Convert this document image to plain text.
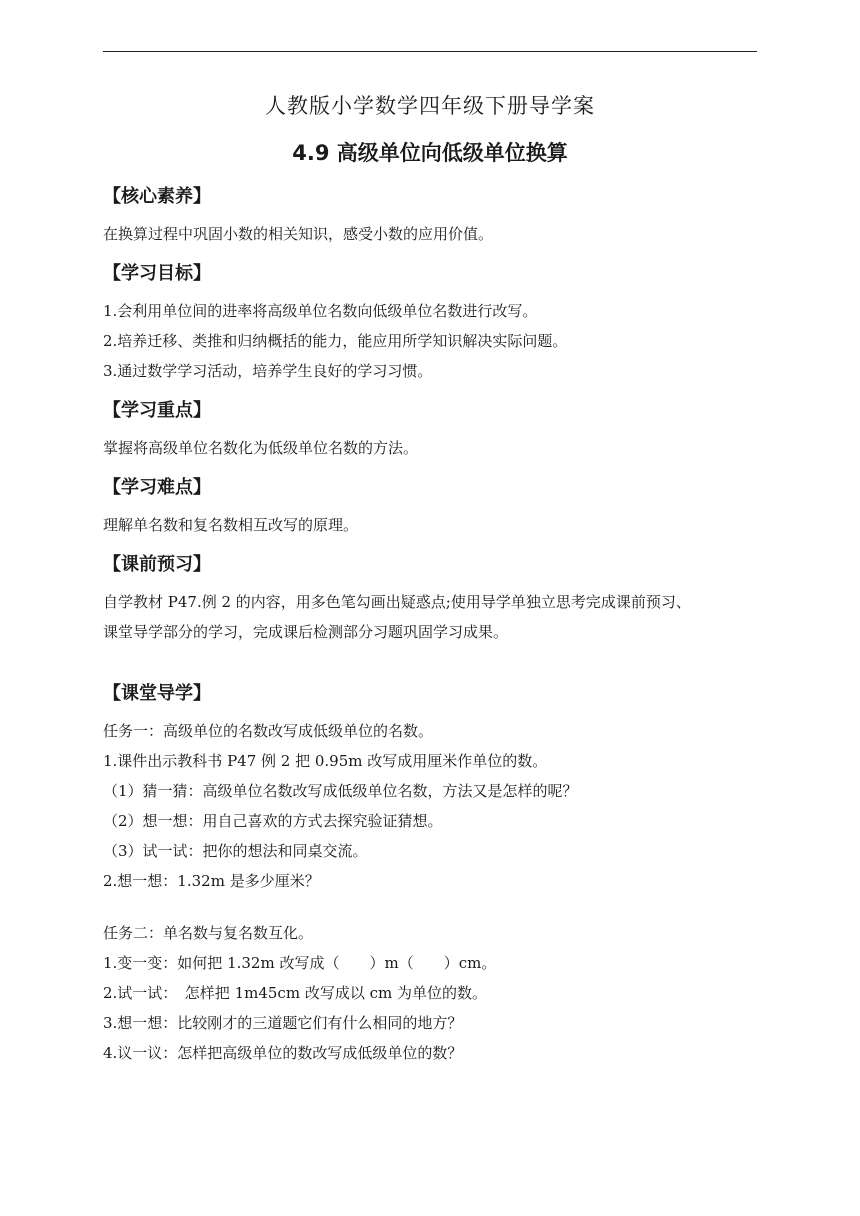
人教版小学数学四年级下册导学案
4.9 高级单位向低级单位换算
【核心素养】
在换算过程中巩固小数的相关知识，感受小数的应用价值。
【学习目标】
1.会利用单位间的进率将高级单位名数向低级单位名数进行改写。
2.培养迁移、类推和归纳概括的能力，能应用所学知识解决实际问题。
3.通过数学学习活动，培养学生良好的学习习惯。
【学习重点】
掌握将高级单位名数化为低级单位名数的方法。
【学习难点】
理解单名数和复名数相互改写的原理。
【课前预习】
自学教材 P47.例 2 的内容，用多色笔勾画出疑惑点;使用导学单独立思考完成课前预习、
课堂导学部分的学习，完成课后检测部分习题巩固学习成果。
【课堂导学】
任务一：高级单位的名数改写成低级单位的名数。
1.课件出示教科书 P47 例 2 把 0.95m 改写成用厘米作单位的数。
（1）猜一猜：高级单位名数改写成低级单位名数，方法又是怎样的呢？
（2）想一想：用自己喜欢的方式去探究验证猜想。
（3）试一试：把你的想法和同桌交流。
2.想一想：1.32m 是多少厘米？
任务二：单名数与复名数互化。
1.变一变：如何把 1.32m 改写成（　　）m（　　）cm。
2.试一试：　怎样把 1m45cm 改写成以 cm 为单位的数。
3.想一想：比较刚才的三道题它们有什么相同的地方？
4.议一议：怎样把高级单位的数改写成低级单位的数？
